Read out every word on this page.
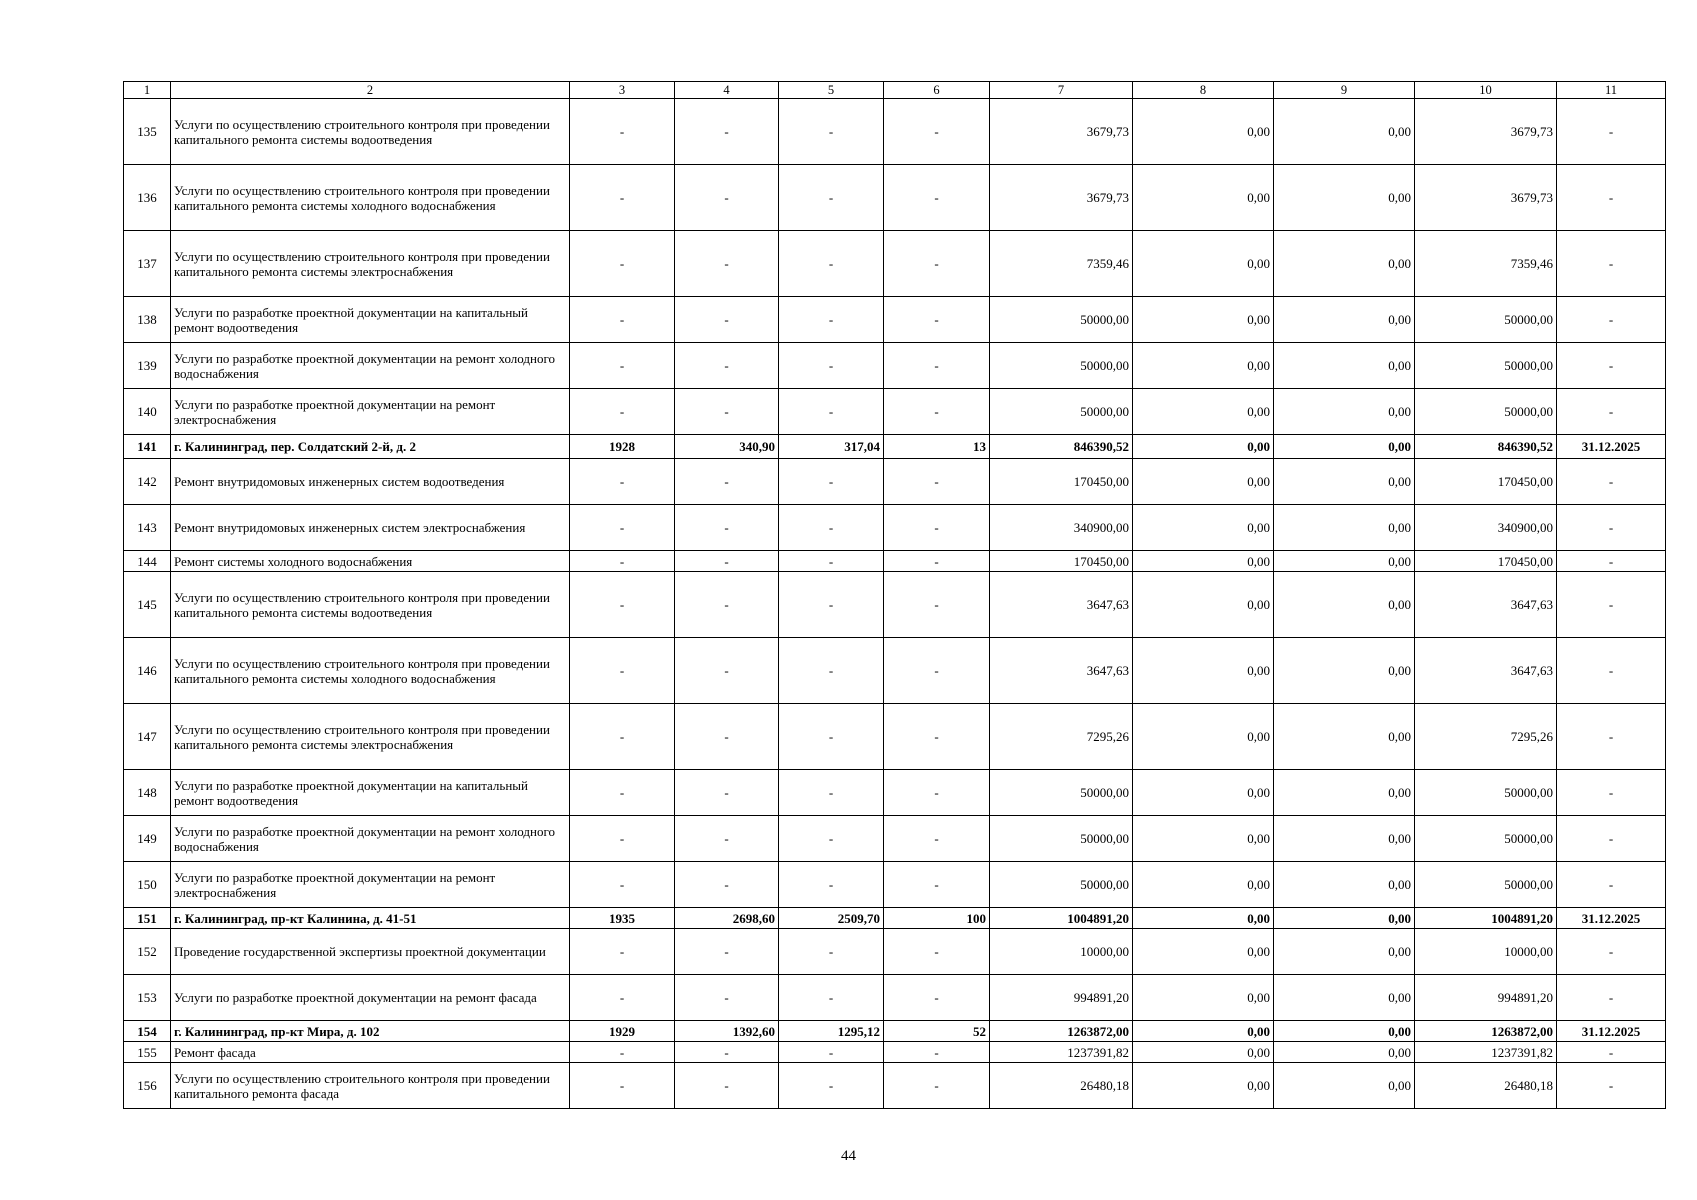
1	2	3	4	5	6	7	8	9	10	11
135	Услуги по осуществлению строительного контроля при проведении капитального ремонта системы водоотведения	-	-	-	-	3679,73	0,00	0,00	3679,73	-
136	Услуги по осуществлению строительного контроля при проведении капитального ремонта системы холодного водоснабжения	-	-	-	-	3679,73	0,00	0,00	3679,73	-
137	Услуги по осуществлению строительного контроля при проведении капитального ремонта системы электроснабжения	-	-	-	-	7359,46	0,00	0,00	7359,46	-
138	Услуги по разработке проектной документации на капитальный ремонт водоотведения	-	-	-	-	50000,00	0,00	0,00	50000,00	-
139	Услуги по разработке проектной документации на ремонт холодного водоснабжения	-	-	-	-	50000,00	0,00	0,00	50000,00	-
140	Услуги по разработке проектной документации на ремонт электроснабжения	-	-	-	-	50000,00	0,00	0,00	50000,00	-
141	г. Калининград, пер. Солдатский 2-й, д. 2	1928	340,90	317,04	13	846390,52	0,00	0,00	846390,52	31.12.2025
142	Ремонт внутридомовых инженерных систем водоотведения	-	-	-	-	170450,00	0,00	0,00	170450,00	-
143	Ремонт внутридомовых инженерных систем электроснабжения	-	-	-	-	340900,00	0,00	0,00	340900,00	-
144	Ремонт системы холодного водоснабжения	-	-	-	-	170450,00	0,00	0,00	170450,00	-
145	Услуги по осуществлению строительного контроля при проведении капитального ремонта системы водоотведения	-	-	-	-	3647,63	0,00	0,00	3647,63	-
146	Услуги по осуществлению строительного контроля при проведении капитального ремонта системы холодного водоснабжения	-	-	-	-	3647,63	0,00	0,00	3647,63	-
147	Услуги по осуществлению строительного контроля при проведении капитального ремонта системы электроснабжения	-	-	-	-	7295,26	0,00	0,00	7295,26	-
148	Услуги по разработке проектной документации на капитальный ремонт водоотведения	-	-	-	-	50000,00	0,00	0,00	50000,00	-
149	Услуги по разработке проектной документации на ремонт холодного водоснабжения	-	-	-	-	50000,00	0,00	0,00	50000,00	-
150	Услуги по разработке проектной документации на ремонт электроснабжения	-	-	-	-	50000,00	0,00	0,00	50000,00	-
151	г. Калининград, пр-кт Калинина, д. 41-51	1935	2698,60	2509,70	100	1004891,20	0,00	0,00	1004891,20	31.12.2025
152	Проведение государственной экспертизы проектной документации	-	-	-	-	10000,00	0,00	0,00	10000,00	-
153	Услуги по разработке проектной документации на ремонт фасада	-	-	-	-	994891,20	0,00	0,00	994891,20	-
154	г. Калининград, пр-кт Мира, д. 102	1929	1392,60	1295,12	52	1263872,00	0,00	0,00	1263872,00	31.12.2025
155	Ремонт фасада	-	-	-	-	1237391,82	0,00	0,00	1237391,82	-
156	Услуги по осуществлению строительного контроля при проведении капитального ремонта фасада	-	-	-	-	26480,18	0,00	0,00	26480,18	-
44
